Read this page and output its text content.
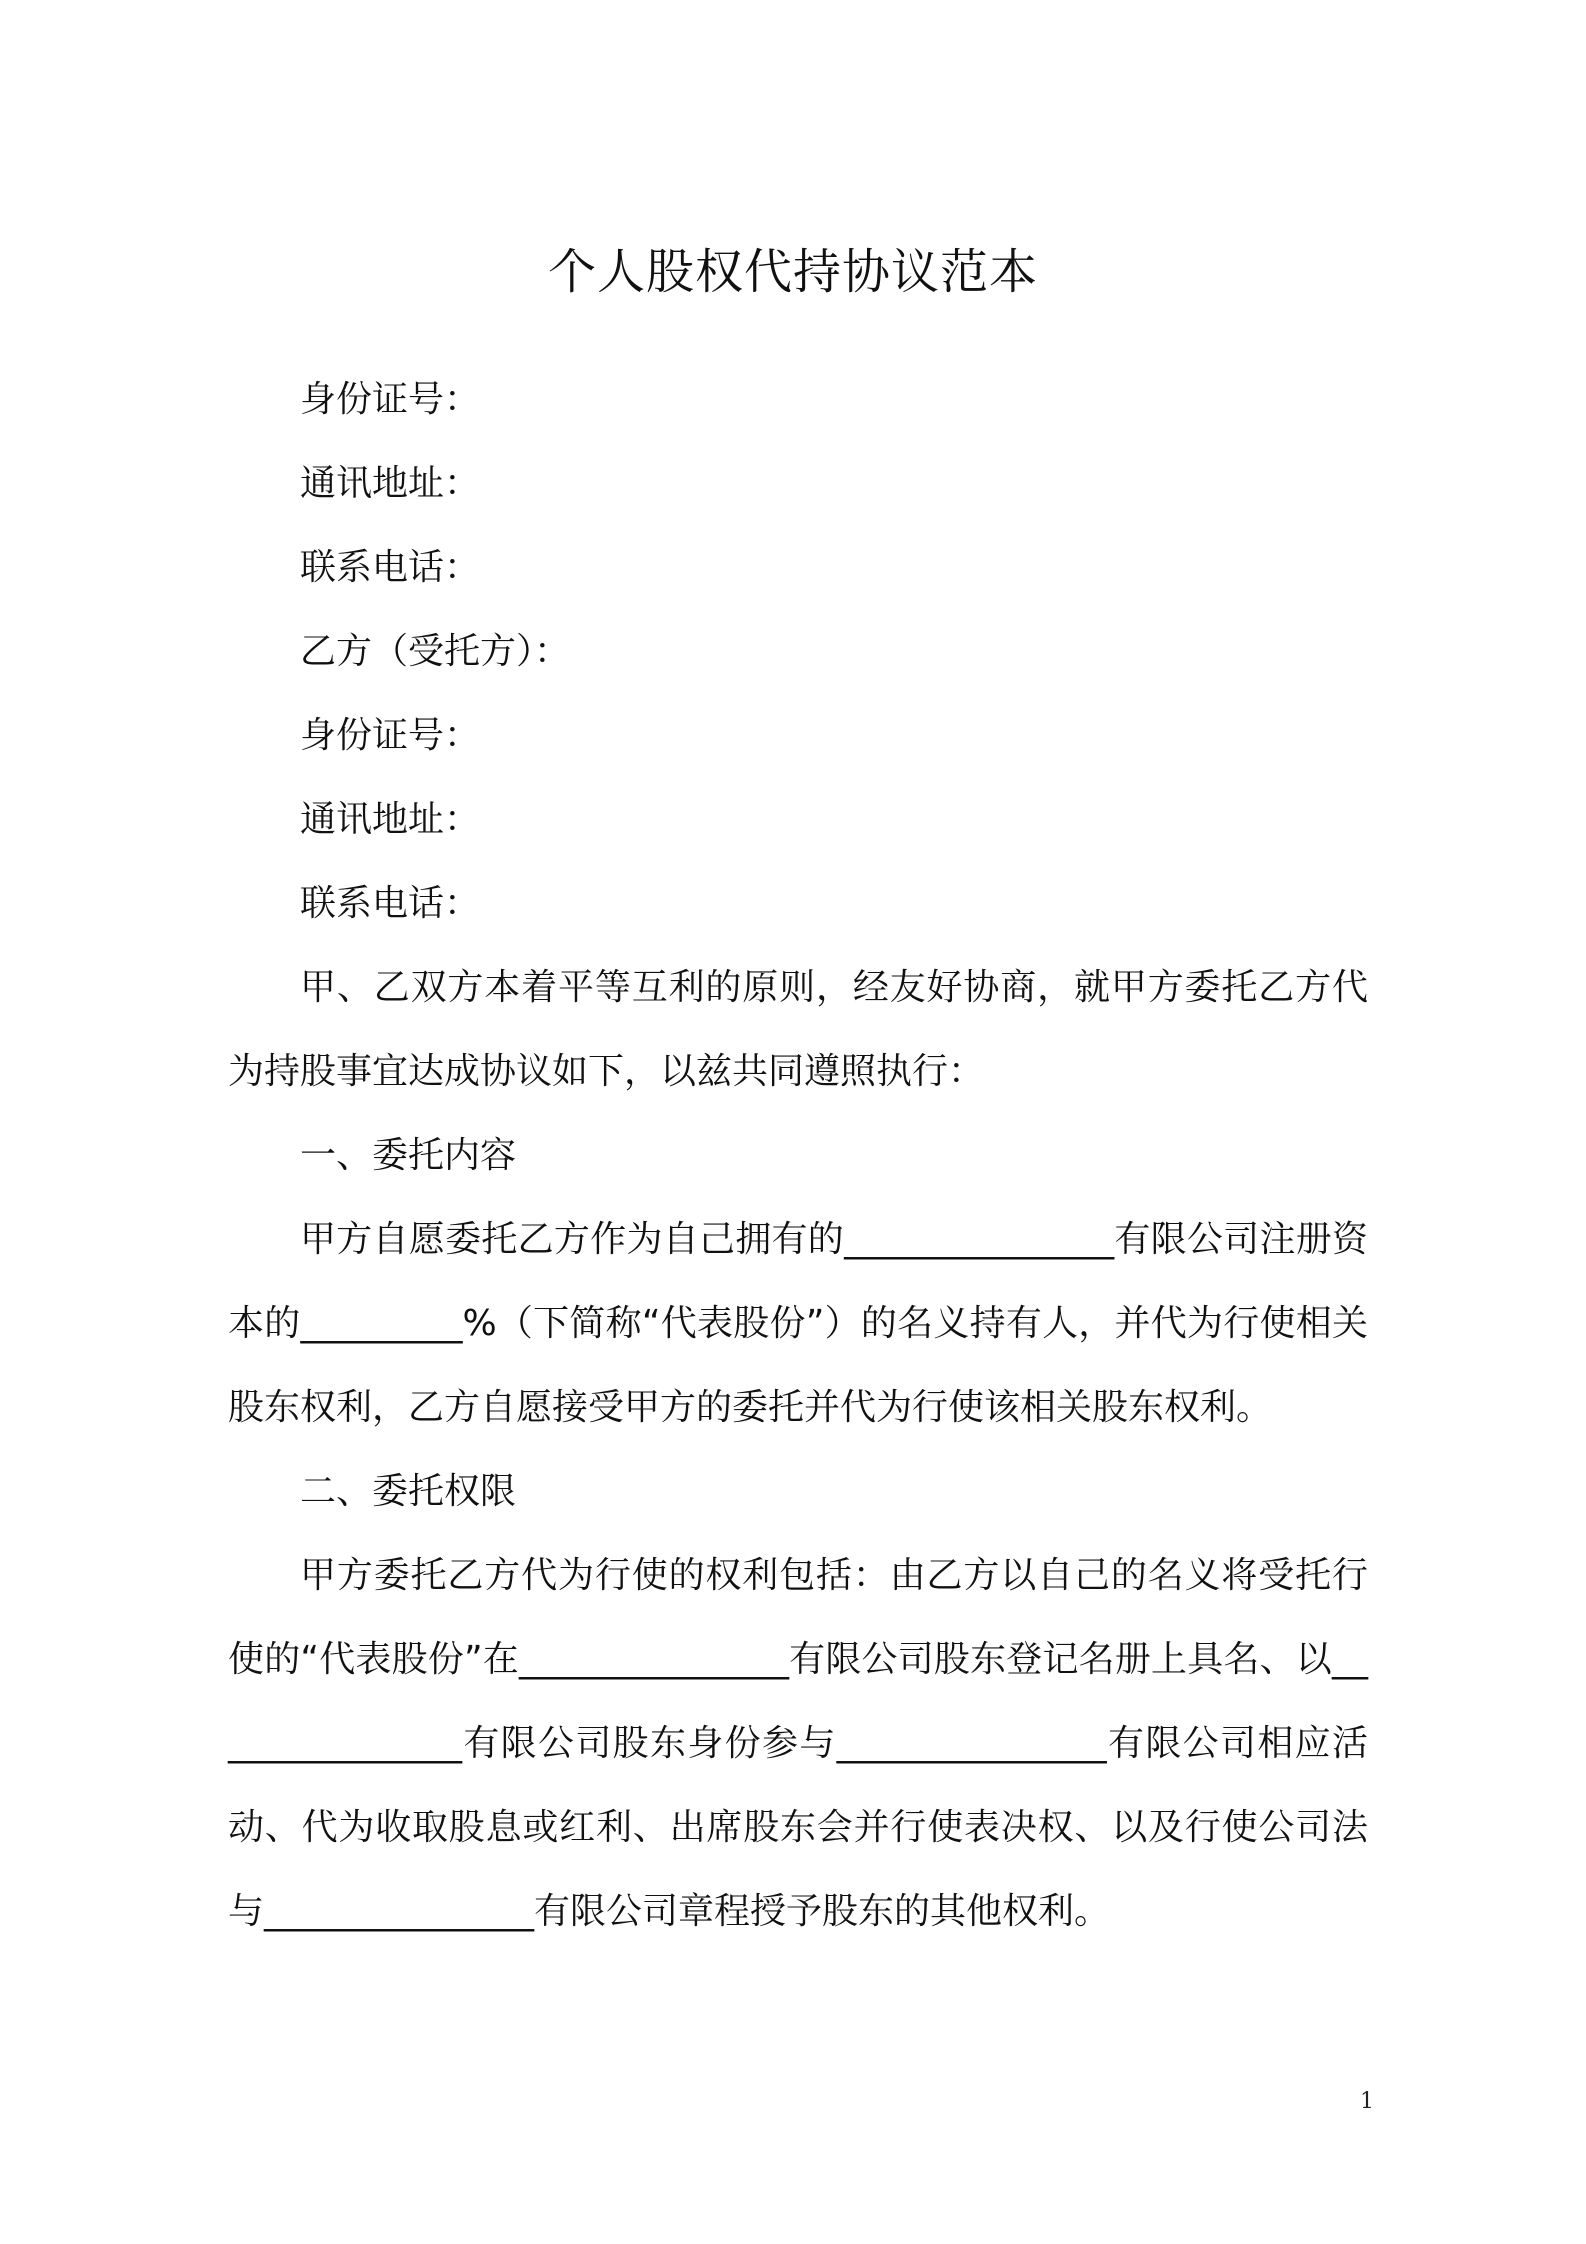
个人股权代持协议范本

身份证号：

通讯地址：

联系电话：

乙方（受托方）：

身份证号：

通讯地址：

联系电话：

甲、乙双方本着平等互利的原则，经友好协商，就甲方委托乙方代为持股事宜达成协议如下，以兹共同遵照执行：

一、委托内容

甲方自愿委托乙方作为自己拥有的_______________有限公司注册资本的_________%（下简称“代表股份”）的名义持有人，并代为行使相关股东权利，乙方自愿接受甲方的委托并代为行使该相关股东权利。

二、委托权限

甲方委托乙方代为行使的权利包括：由乙方以自己的名义将受托行使的“代表股份”在_______________有限公司股东登记名册上具名、以_______________有限公司股东身份参与_______________有限公司相应活动、代为收取股息或红利、出席股东会并行使表决权、以及行使公司法与_______________有限公司章程授予股东的其他权利。

1
